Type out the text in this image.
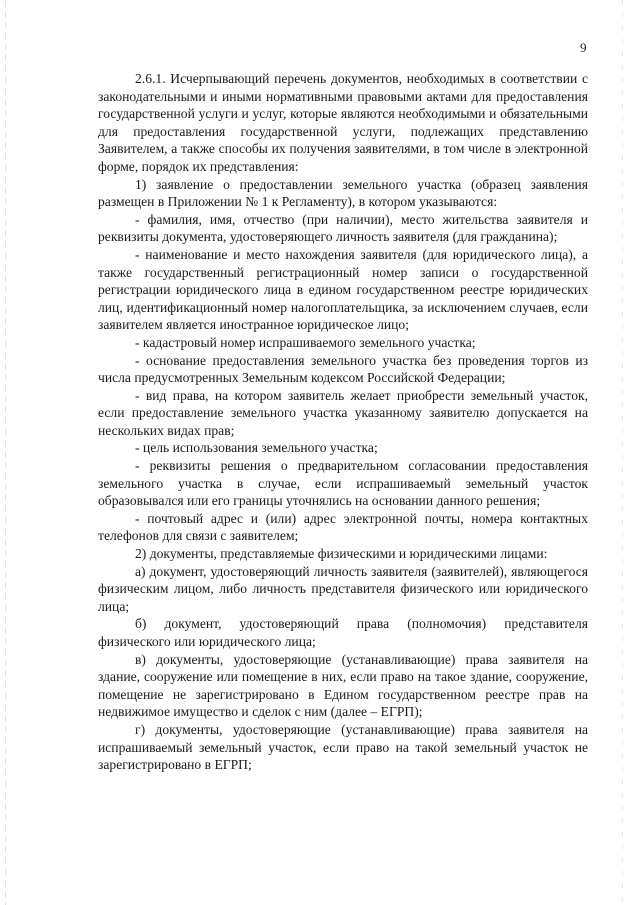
9

2.6.1. Исчерпывающий перечень документов, необходимых в соответствии с законодательными и иными нормативными правовыми актами для предоставления государственной услуги и услуг, которые являются необходимыми и обязательными для предоставления государственной услуги, подлежащих представлению Заявителем, а также способы их получения заявителями, в том числе в электронной форме, порядок их представления:

1) заявление о предоставлении земельного участка (образец заявления размещен в Приложении № 1 к Регламенту), в котором указываются:

- фамилия, имя, отчество (при наличии), место жительства заявителя и реквизиты документа, удостоверяющего личность заявителя (для гражданина);

- наименование и место нахождения заявителя (для юридического лица), а также государственный регистрационный номер записи о государственной регистрации юридического лица в едином государственном реестре юридических лиц, идентификационный номер налогоплательщика, за исключением случаев, если заявителем является иностранное юридическое лицо;

- кадастровый номер испрашиваемого земельного участка;

- основание предоставления земельного участка без проведения торгов из числа предусмотренных Земельным кодексом Российской Федерации;

- вид права, на котором заявитель желает приобрести земельный участок, если предоставление земельного участка указанному заявителю допускается на нескольких видах прав;

- цель использования земельного участка;

- реквизиты решения о предварительном согласовании предоставления земельного участка в случае, если испрашиваемый земельный участок образовывался или его границы уточнялись на основании данного решения;

- почтовый адрес и (или) адрес электронной почты, номера контактных телефонов для связи с заявителем;

2) документы, представляемые физическими и юридическими лицами:

а) документ, удостоверяющий личность заявителя (заявителей), являющегося физическим лицом, либо личность представителя физического или юридического лица;

б) документ, удостоверяющий права (полномочия) представителя физического или юридического лица;

в) документы, удостоверяющие (устанавливающие) права заявителя на здание, сооружение или помещение в них, если право на такое здание, сооружение, помещение не зарегистрировано в Едином государственном реестре прав на недвижимое имущество и сделок с ним (далее – ЕГРП);

г) документы, удостоверяющие (устанавливающие) права заявителя на испрашиваемый земельный участок, если право на такой земельный участок не зарегистрировано в ЕГРП;
